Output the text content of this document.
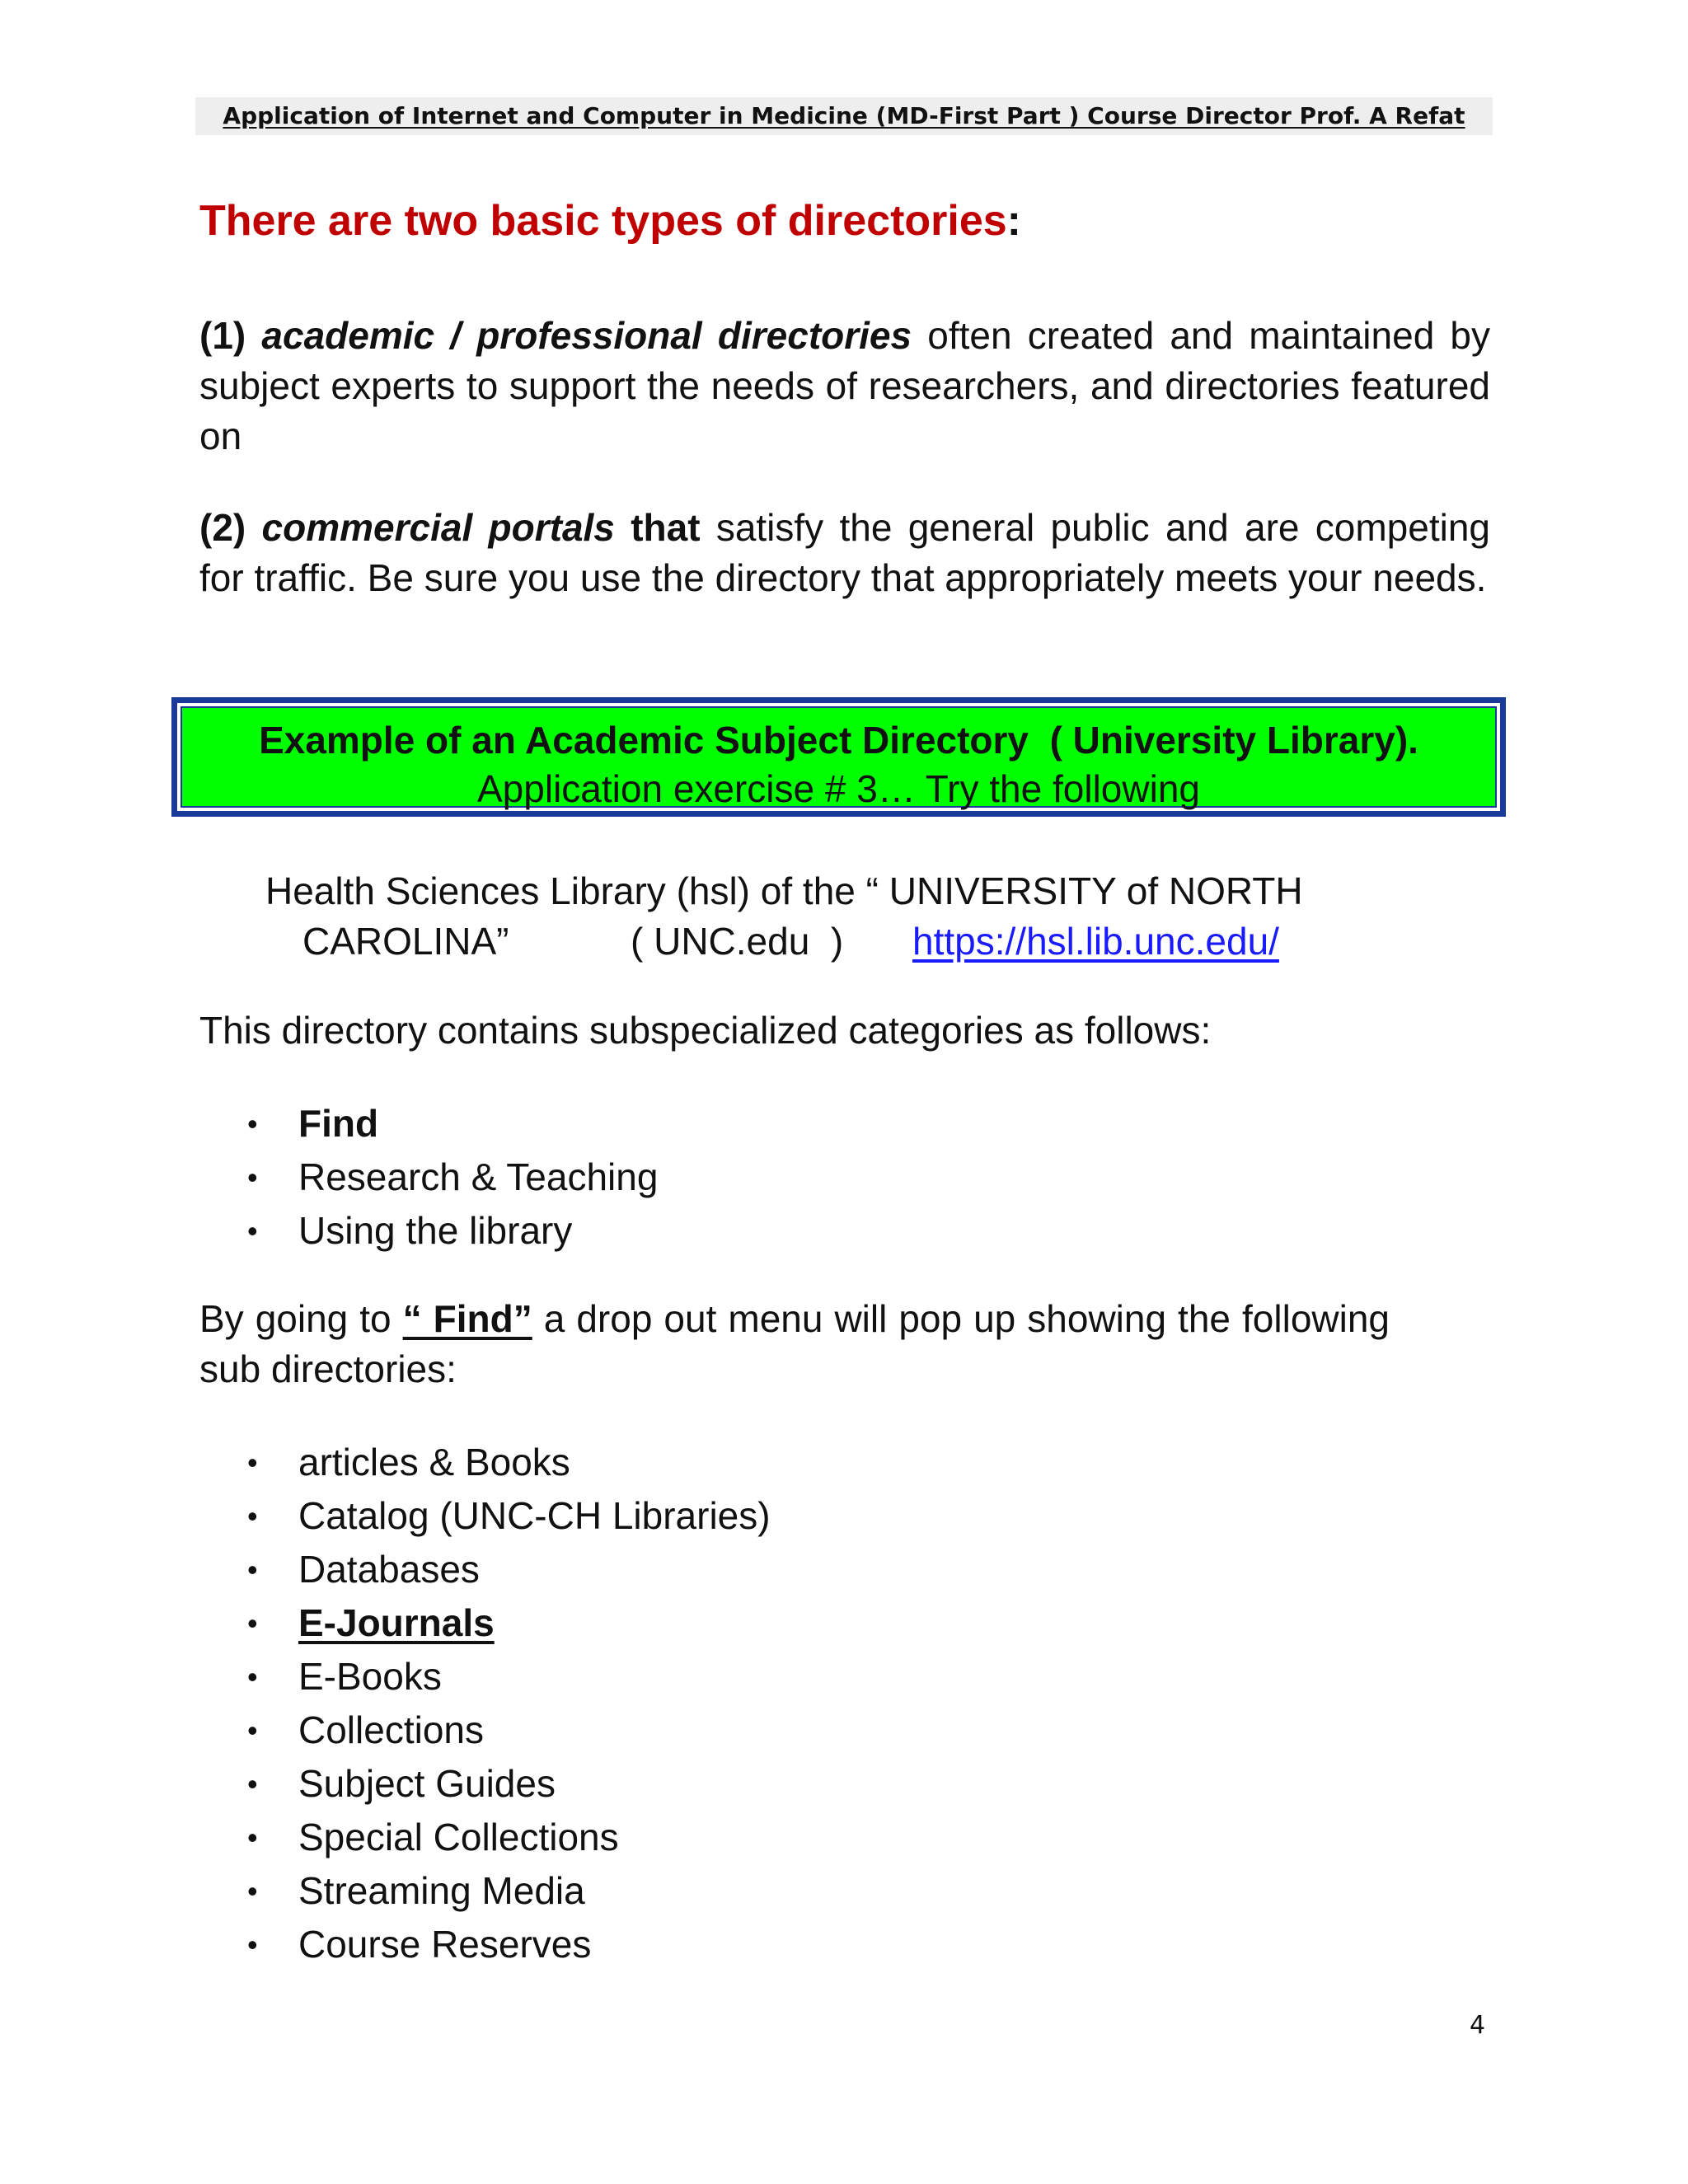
Application of Internet and Computer in Medicine (MD-First Part ) Course Director Prof. A Refat
There are two basic types of directories:

(1) academic / professional directories often created and maintained by subject experts to support the needs of researchers, and directories featured on

(2) commercial portals that satisfy the general public and are competing for traffic. Be sure you use the directory that appropriately meets your needs.

Example of an Academic Subject Directory  ( University Library).
Application exercise # 3… Try the following
Health Sciences Library (hsl) of the “ UNIVERSITY of NORTH
CAROLINA”	( UNC.edu  ) https://hsl.lib.unc.edu/
This directory contains subspecialized categories as follows:
• Find
• Research & Teaching
• Using the library

By going to “ Find” a drop out menu will pop up showing the following sub directories:

• articles & Books
• Catalog (UNC-CH Libraries)
• Databases
• E-Journals
• E-Books
• Collections
• Subject Guides
• Special Collections
• Streaming Media
• Course Reserves
4
